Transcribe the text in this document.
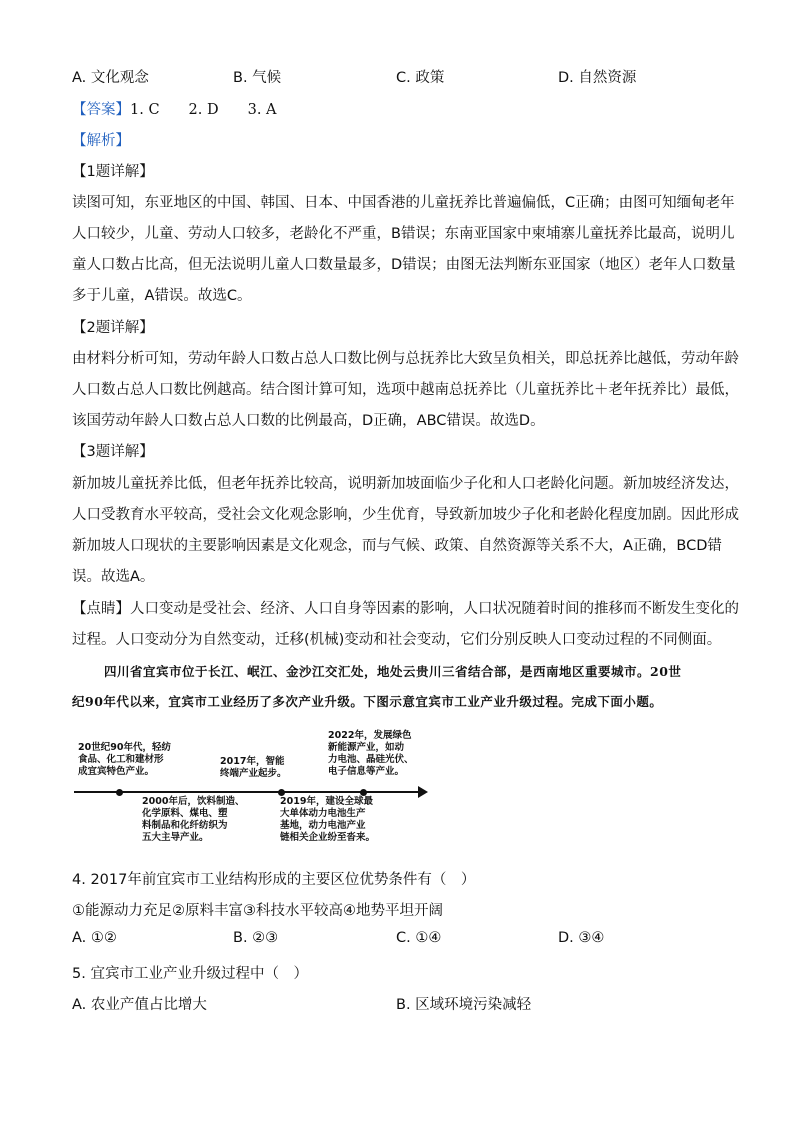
A. 文化观念	B. 气候	C. 政策	D. 自然资源
【答案】1. C　　2. D　　3. A
【解析】
【1题详解】
读图可知，东亚地区的中国、韩国、日本、中国香港的儿童抚养比普遍偏低，C正确；由图可知缅甸老年
人口较少，儿童、劳动人口较多，老龄化不严重，B错误；东南亚国家中柬埔寨儿童抚养比最高，说明儿
童人口数占比高，但无法说明儿童人口数量最多，D错误；由图无法判断东亚国家（地区）老年人口数量
多于儿童，A错误。故选C。
【2题详解】
由材料分析可知，劳动年龄人口数占总人口数比例与总抚养比大致呈负相关，即总抚养比越低，劳动年龄
人口数占总人口数比例越高。结合图计算可知，选项中越南总抚养比（儿童抚养比＋老年抚养比）最低，
该国劳动年龄人口数占总人口数的比例最高，D正确，ABC错误。故选D。
【3题详解】
新加坡儿童抚养比低，但老年抚养比较高，说明新加坡面临少子化和人口老龄化问题。新加坡经济发达，
人口受教育水平较高，受社会文化观念影响，少生优育，导致新加坡少子化和老龄化程度加剧。因此形成
新加坡人口现状的主要影响因素是文化观念，而与气候、政策、自然资源等关系不大，A正确，BCD错
误。故选A。
【点睛】人口变动是受社会、经济、人口自身等因素的影响，人口状况随着时间的推移而不断发生变化的
过程。人口变动分为自然变动，迁移(机械)变动和社会变动，它们分别反映人口变动过程的不同侧面。
四川省宜宾市位于长江、岷江、金沙江交汇处，地处云贵川三省结合部，是西南地区重要城市。20世
纪90年代以来，宜宾市工业经历了多次产业升级。下图示意宜宾市工业产业升级过程。完成下面小题。
20世纪90年代，轻纺
食品、化工和建材形
成宜宾特色产业。
2017年，智能
终端产业起步。
2022年，发展绿色
新能源产业，如动
力电池、晶硅光伏、
电子信息等产业。
2000年后，饮料制造、
化学原料、煤电、塑
料制品和化纤纺织为
五大主导产业。
2019年，建设全球最
大单体动力电池生产
基地，动力电池产业
链相关企业纷至沓来。
4. 2017年前宜宾市工业结构形成的主要区位优势条件有（　）
①能源动力充足②原料丰富③科技水平较高④地势平坦开阔
A. ①②	B. ②③	C. ①④	D. ③④
5. 宜宾市工业产业升级过程中（　）
A. 农业产值占比增大	B. 区域环境污染减轻
